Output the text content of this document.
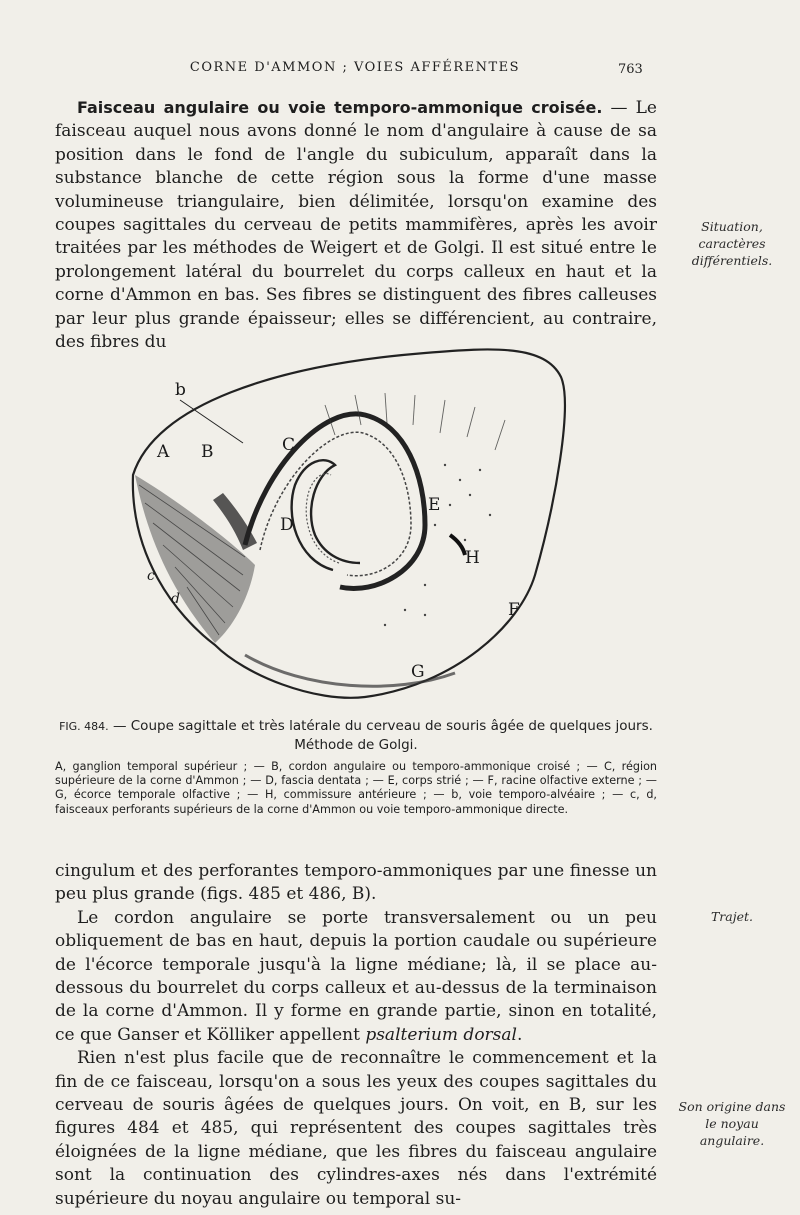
CORNE D'AMMON ; VOIES AFFÉRENTES	763

Faisceau angulaire ou voie temporo-ammonique croisée. — Le faisceau auquel nous avons donné le nom d'angulaire à cause de sa position dans le fond de l'angle du subiculum, apparaît dans la substance blanche de cette région sous la forme d'une masse volumineuse triangulaire, bien délimitée, lorsqu'on examine des coupes sagittales du cerveau de petits mammifères, après les avoir traitées par les méthodes de Weigert et de Golgi. Il est situé entre le prolongement latéral du bourrelet du corps calleux en haut et la corne d'Ammon en bas. Ses fibres se distinguent des fibres calleuses par leur plus grande épaisseur; elles se différencient, au contraire, des fibres du

Situation, caractères différentiels.
b
A B	C
D
E
H
c
d
F
G
FIG. 484. — Coupe sagittale et très latérale du cerveau de souris âgée de quelques jours. Méthode de Golgi.
A, ganglion temporal supérieur ; — B, cordon angulaire ou temporo-ammonique croisé ; — C, région supérieure de la corne d'Ammon ; — D, fascia dentata ; — E, corps strié ; — F, racine olfactive externe ; — G, écorce temporale olfactive ; — H, commissure antérieure ; — b, voie temporo-alvéaire ; — c, d, faisceaux perforants supérieurs de la corne d'Ammon ou voie temporo-ammonique directe.

cingulum et des perforantes temporo-ammoniques par une finesse un peu plus grande (figs. 485 et 486, B).

Le cordon angulaire se porte transversalement ou un peu obliquement de bas en haut, depuis la portion caudale ou supérieure de l'écorce temporale jusqu'à la ligne médiane; là, il se place au-dessous du bourrelet du corps calleux et au-dessus de la terminaison de la corne d'Ammon. Il y forme en grande partie, sinon en totalité, ce que Ganser et Kölliker appellent psalterium dorsal.

Rien n'est plus facile que de reconnaître le commencement et la fin de ce faisceau, lorsqu'on a sous les yeux des coupes sagittales du cerveau de souris âgées de quelques jours. On voit, en B, sur les figures 484 et 485, qui représentent des coupes sagittales très éloignées de la ligne médiane, que les fibres du faisceau angulaire sont la continuation des cylindres-axes nés dans l'extrémité supérieure du noyau angulaire ou temporal su-

Trajet.
Son origine dans le noyau angulaire.
